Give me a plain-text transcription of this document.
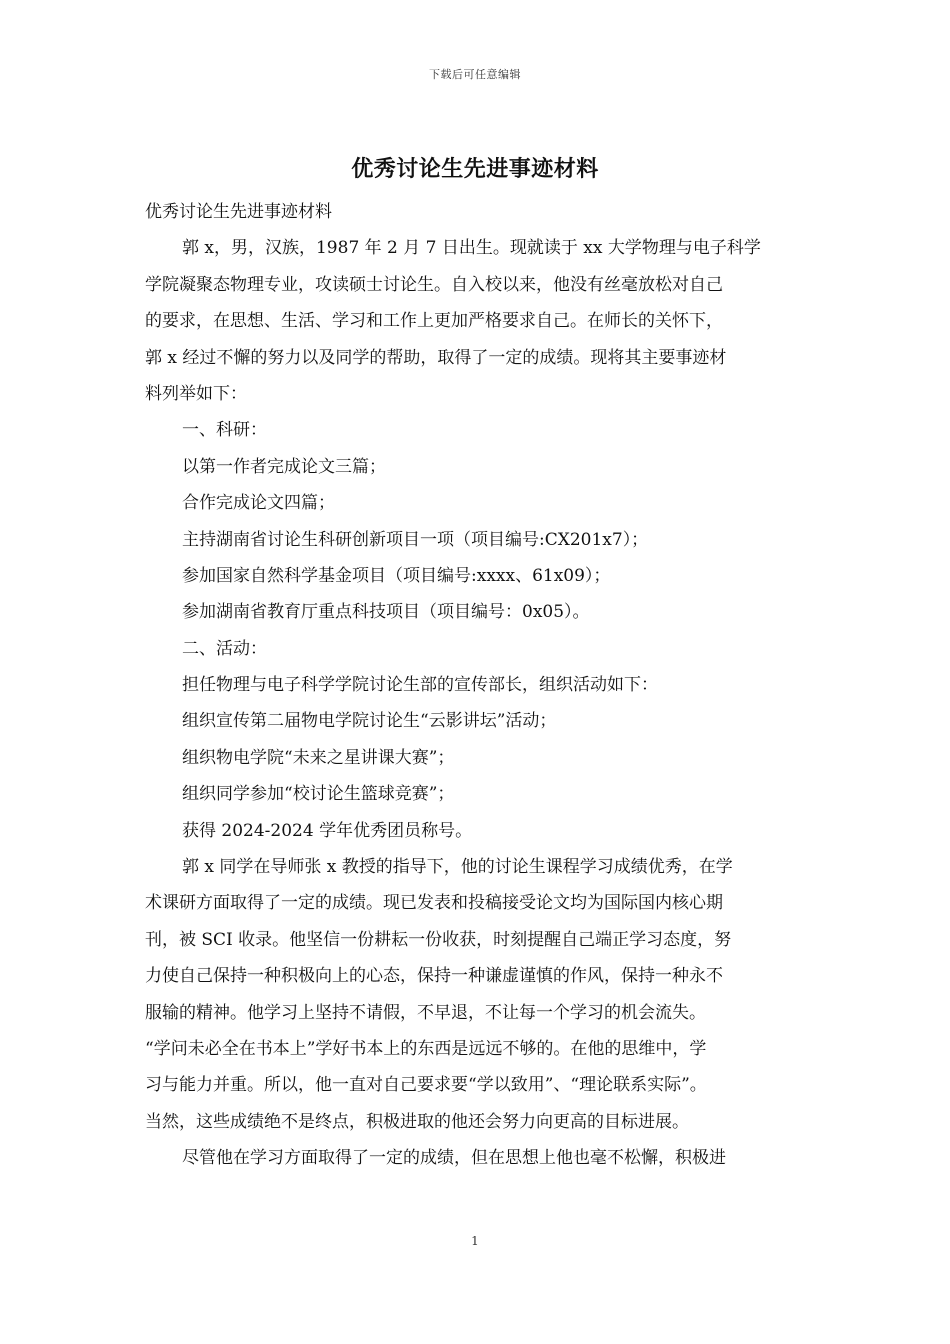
下载后可任意编辑
优秀讨论生先进事迹材料

优秀讨论生先进事迹材料

郭 x，男，汉族，1987 年 2 月 7 日出生。现就读于 xx 大学物理与电子科学

学院凝聚态物理专业，攻读硕士讨论生。自入校以来，他没有丝毫放松对自己

的要求，在思想、生活、学习和工作上更加严格要求自己。在师长的关怀下，

郭 x 经过不懈的努力以及同学的帮助，取得了一定的成绩。现将其主要事迹材

料列举如下：

一、科研：

以第一作者完成论文三篇；

合作完成论文四篇；

主持湖南省讨论生科研创新项目一项（项目编号:CX201x7）；

参加国家自然科学基金项目（项目编号:xxxx、61x09）；

参加湖南省教育厅重点科技项目（项目编号：0x05）。

二、活动：

担任物理与电子科学学院讨论生部的宣传部长，组织活动如下：

组织宣传第二届物电学院讨论生“云影讲坛”活动；

组织物电学院“未来之星讲课大赛”；

组织同学参加“校讨论生篮球竞赛”；

获得 2024-2024 学年优秀团员称号。

郭 x 同学在导师张 x 教授的指导下，他的讨论生课程学习成绩优秀，在学

术课研方面取得了一定的成绩。现已发表和投稿接受论文均为国际国内核心期

刊，被 SCI 收录。他坚信一份耕耘一份收获，时刻提醒自己端正学习态度，努

力使自己保持一种积极向上的心态，保持一种谦虚谨慎的作风，保持一种永不

服输的精神。他学习上坚持不请假，不早退，不让每一个学习的机会流失。

“学问未必全在书本上”学好书本上的东西是远远不够的。在他的思维中，学

习与能力并重。所以，他一直对自己要求要“学以致用”、“理论联系实际”。

当然，这些成绩绝不是终点，积极进取的他还会努力向更高的目标进展。

尽管他在学习方面取得了一定的成绩，但在思想上他也毫不松懈，积极进

1
